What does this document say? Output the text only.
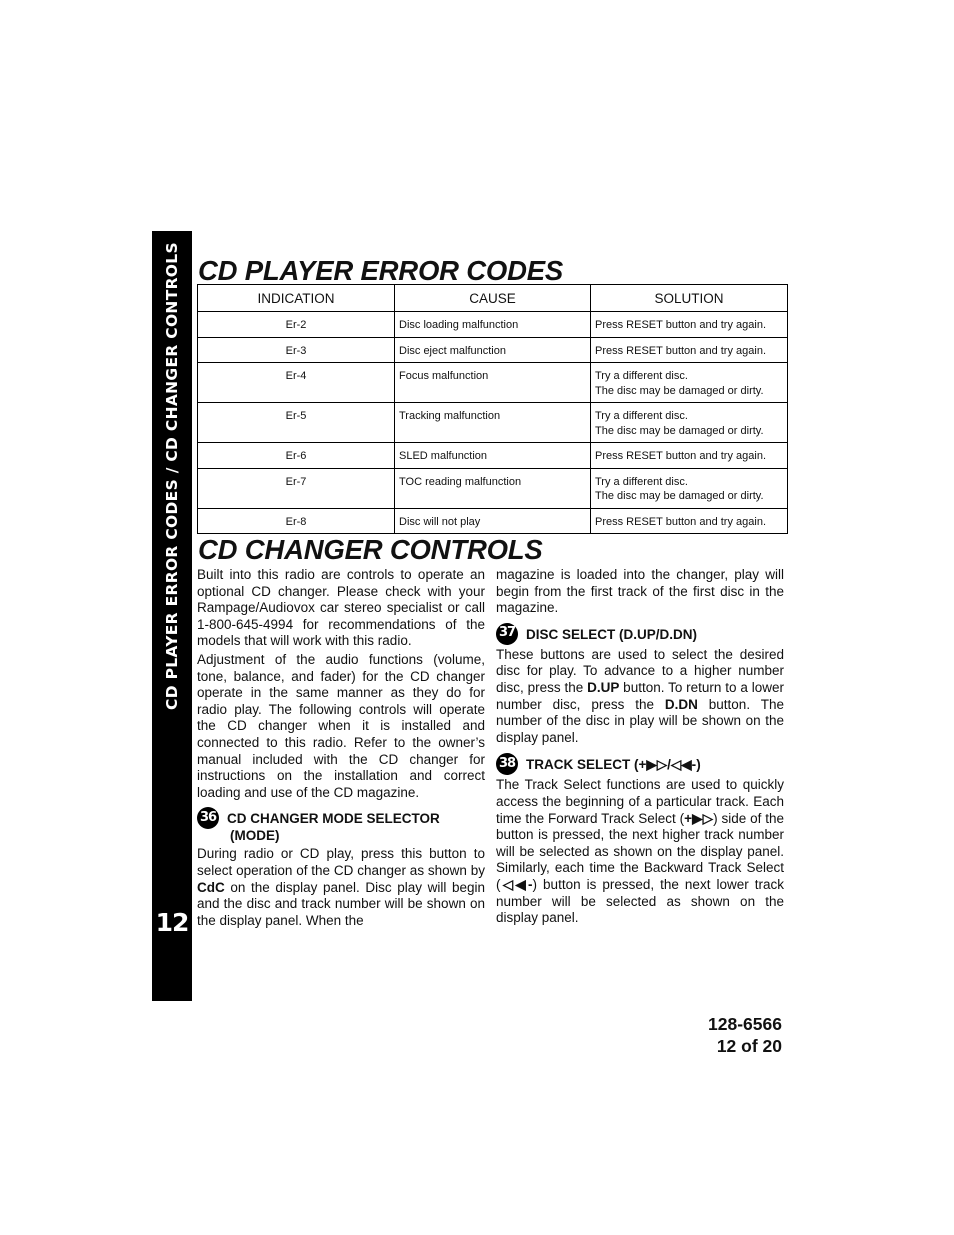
CD PLAYER ERROR CODES / CD CHANGER CONTROLS
12
CD PLAYER ERROR CODES
INDICATION	CAUSE	SOLUTION
Er-2	Disc loading malfunction	Press RESET button and try again.
Er-3	Disc eject malfunction	Press RESET button and try again.
Er-4	Focus malfunction	Try a different disc.
The disc may be damaged or dirty.
Er-5	Tracking malfunction	Try a different disc.
The disc may be damaged or dirty.
Er-6	SLED malfunction	Press RESET button and try again.
Er-7	TOC reading malfunction	Try a different disc.
The disc may be damaged or dirty.
Er-8	Disc will not play	Press RESET button and try again.
CD CHANGER CONTROLS

Built into this radio are controls to operate an optional CD changer. Please check with your Rampage/Audiovox car stereo specialist or call 1-800-645-4994 for recommendations of the models that will work with this radio.

Adjustment of the audio functions (volume, tone, balance, and fader) for the CD changer operate in the same manner as they do for radio play. The following controls will operate the CD changer when it is installed and connected to this radio. Refer to the owner’s manual included with the CD changer for instructions on the installation and correct loading and use of the CD magazine.

36 CD CHANGER MODE SELECTOR
(MODE)

During radio or CD play, press this button to select operation of the CD changer as shown by CdC on the display panel. Disc play will begin and the disc and track number will be shown on the display panel. When the

magazine is loaded into the changer, play will begin from the first track of the first disc in the magazine.

37 DISC SELECT (D.UP/D.DN)

These buttons are used to select the desired disc for play. To advance to a higher number disc, press the D.UP button. To return to a lower number disc, press the D.DN button. The number of the disc in play will be shown on the display panel.

38 TRACK SELECT (+▶▷/◁◀-)

The Track Select functions are used to quickly access the beginning of a particular track. Each time the Forward Track Select (+▶▷) side of the button is pressed, the next higher track number will be selected as shown on the display panel. Similarly, each time the Backward Track Select (◁◀-) button is pressed, the next lower track number will be selected as shown on the display panel.

128-6566
12 of 20
